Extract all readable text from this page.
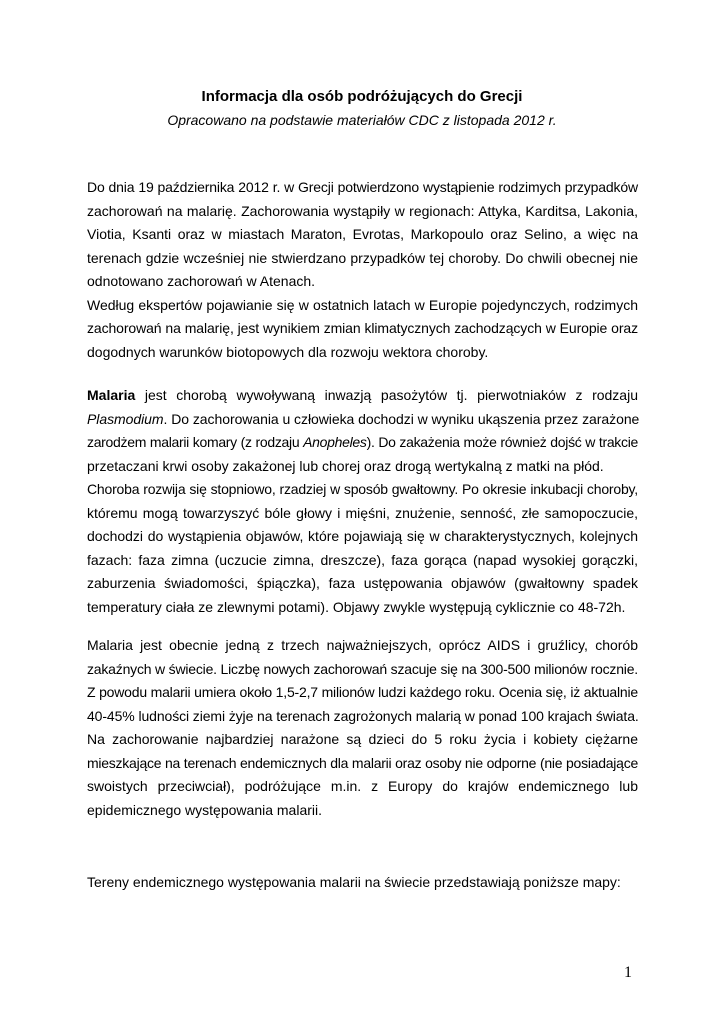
Informacja dla osób podróżujących do Grecji
Opracowano na podstawie materiałów CDC z listopada 2012 r.
Do dnia 19 października 2012 r. w Grecji potwierdzono wystąpienie rodzimych przypadków
zachorowań na malarię. Zachorowania wystąpiły w regionach: Attyka, Karditsa, Lakonia,
Viotia, Ksanti oraz w miastach Maraton, Evrotas, Markopoulo oraz Selino, a więc na
terenach gdzie wcześniej nie stwierdzano przypadków tej choroby. Do chwili obecnej nie
odnotowano zachorowań w Atenach.
Według ekspertów pojawianie się w ostatnich latach w Europie pojedynczych, rodzimych
zachorowań na malarię, jest wynikiem zmian klimatycznych zachodzących w Europie oraz
dogodnych warunków biotopowych dla rozwoju wektora choroby.
Malaria jest chorobą wywoływaną inwazją pasożytów tj. pierwotniaków z rodzaju
Plasmodium. Do zachorowania u człowieka dochodzi w wyniku ukąszenia przez zarażone
zarodżem malarii komary (z rodzaju Anopheles). Do zakażenia może również dojść w trakcie
przetaczani krwi osoby zakażonej lub chorej oraz drogą wertykalną z matki na płód.
Choroba rozwija się stopniowo, rzadziej w sposób gwałtowny. Po okresie inkubacji choroby,
któremu mogą towarzyszyć bóle głowy i mięśni, znużenie, senność, złe samopoczucie,
dochodzi do wystąpienia objawów, które pojawiają się w charakterystycznych, kolejnych
fazach: faza zimna (uczucie zimna, dreszcze), faza gorąca (napad wysokiej gorączki,
zaburzenia świadomości, śpiączka), faza ustępowania objawów (gwałtowny spadek
temperatury ciała ze zlewnymi potami). Objawy zwykle występują cyklicznie co 48-72h.
Malaria jest obecnie jedną z trzech najważniejszych, oprócz AIDS i gruźlicy, chorób
zakaźnych w świecie. Liczbę nowych zachorowań szacuje się na 300-500 milionów rocznie.
Z powodu malarii umiera około 1,5-2,7 milionów ludzi każdego roku. Ocenia się, iż aktualnie
40-45% ludności ziemi żyje na terenach zagrożonych malarią w ponad 100 krajach świata.
Na zachorowanie najbardziej narażone są dzieci do 5 roku życia i kobiety ciężarne
mieszkające na terenach endemicznych dla malarii oraz osoby nie odporne (nie posiadające
swoistych przeciwciał), podróżujące m.in. z Europy do krajów endemicznego lub
epidemicznego występowania malarii.
Tereny endemicznego występowania malarii na świecie przedstawiają poniższe mapy:
1
